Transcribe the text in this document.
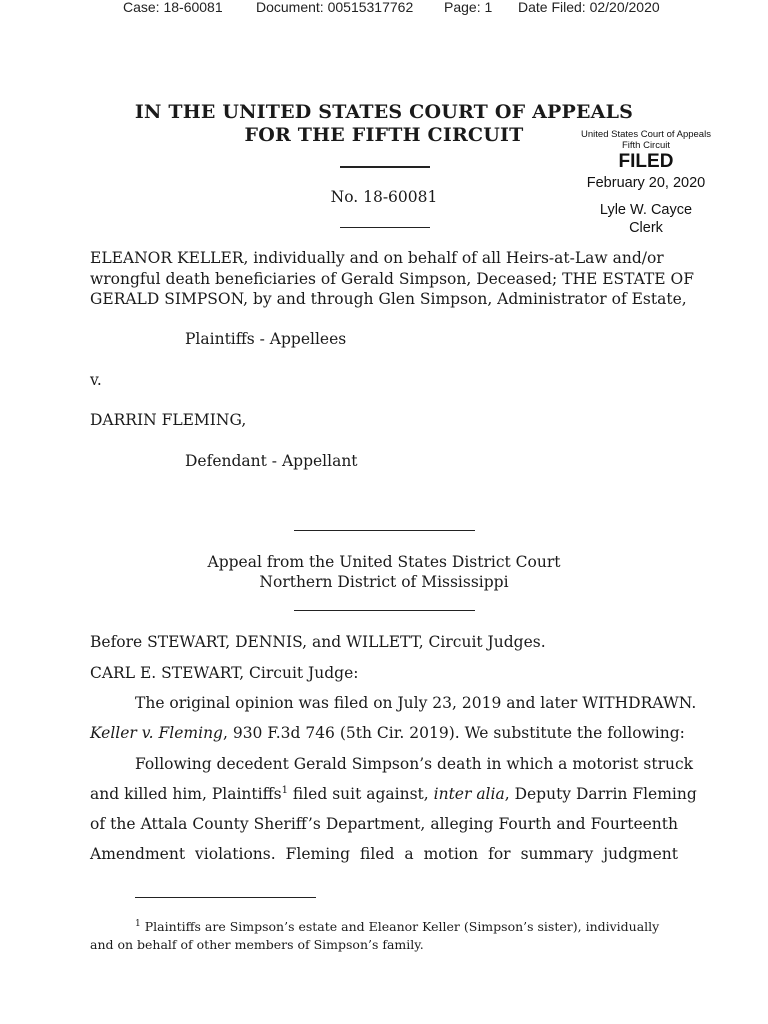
Case: 18-60081 Document: 00515317762 Page: 1 Date Filed: 02/20/2020
IN THE UNITED STATES COURT OF APPEALS
FOR THE FIFTH CIRCUIT	United States Court of Appeals
Fifth Circuit
FILED
February 20, 2020
Lyle W. Cayce
Clerk
No. 18-60081
ELEANOR KELLER, individually and on behalf of all Heirs-at-Law and/or
wrongful death beneficiaries of Gerald Simpson, Deceased; THE ESTATE OF
GERALD SIMPSON, by and through Glen Simpson, Administrator of Estate,
Plaintiffs - Appellees
v.
DARRIN FLEMING,
Defendant - Appellant
Appeal from the United States District Court
Northern District of Mississippi
Before STEWART, DENNIS, and WILLETT, Circuit Judges.
CARL E. STEWART, Circuit Judge:
The original opinion was filed on July 23, 2019 and later WITHDRAWN.
Keller v. Fleming, 930 F.3d 746 (5th Cir. 2019). We substitute the following:
Following decedent Gerald Simpson’s death in which a motorist struck
and killed him, Plaintiffs$^1$ filed suit against, inter alia, Deputy Darrin Fleming
of the Attala County Sheriff’s Department, alleging Fourth and Fourteenth
Amendment violations. Fleming filed a motion for summary judgment
$^1$ Plaintiffs are Simpson’s estate and Eleanor Keller (Simpson’s sister), individually
and on behalf of other members of Simpson’s family.
